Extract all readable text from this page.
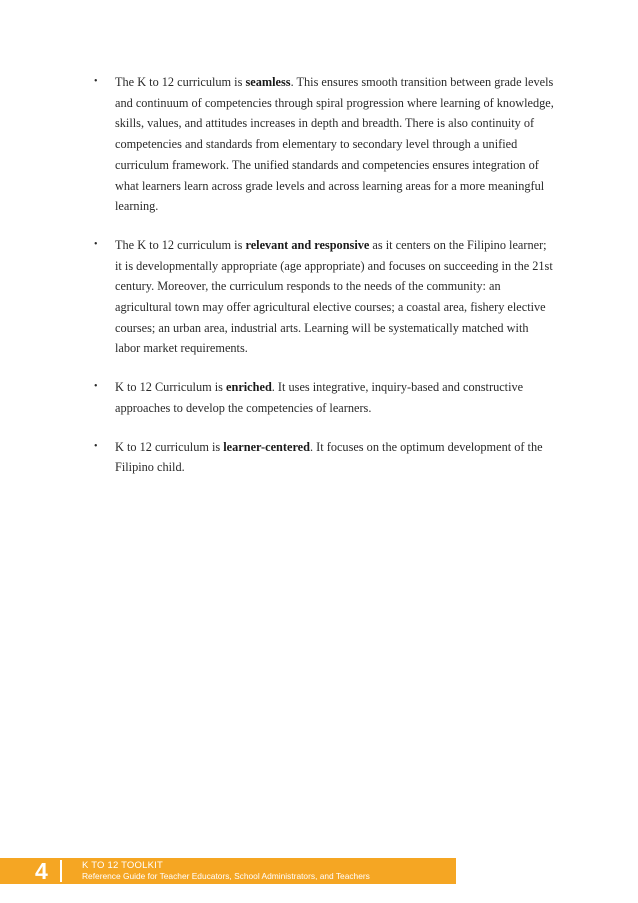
• The K to 12 curriculum is seamless. This ensures smooth transition between grade levels and continuum of competencies through spiral progression where learning of knowledge, skills, values, and attitudes increases in depth and breadth. There is also continuity of competencies and standards from elementary to secondary level through a unified curriculum framework. The unified standards and competencies ensures integration of what learners learn across grade levels and across learning areas for a more meaningful learning.
• The K to 12 curriculum is relevant and responsive as it centers on the Filipino learner; it is developmentally appropriate (age appropriate) and focuses on succeeding in the 21st century. Moreover, the curriculum responds to the needs of the community: an agricultural town may offer agricultural elective courses; a coastal area, fishery elective courses; an urban area, industrial arts. Learning will be systematically matched with labor market requirements.
• K to 12 Curriculum is enriched. It uses integrative, inquiry-based and constructive approaches to develop the competencies of learners.
• K to 12 curriculum is learner-centered. It focuses on the optimum development of the Filipino child.
4	K TO 12 TOOLKIT
Reference Guide for Teacher Educators, School Administrators, and Teachers
